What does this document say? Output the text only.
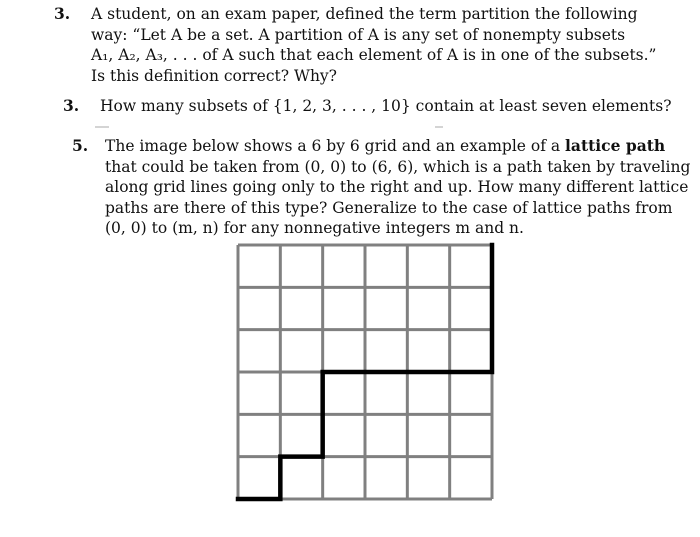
3. A student, on an exam paper, defined the term partition the following
way: “Let A be a set. A partition of A is any set of nonempty subsets
A₁, A₂, A₃, . . . of A such that each element of A is in one of the subsets.”
Is this definition correct? Why?
3. How many subsets of {1, 2, 3, . . . , 10} contain at least seven elements?
5. The image below shows a 6 by 6 grid and an example of a lattice path
that could be taken from (0, 0) to (6, 6), which is a path taken by traveling
along grid lines going only to the right and up. How many different lattice
paths are there of this type? Generalize to the case of lattice paths from
(0, 0) to (m, n) for any nonnegative integers m and n.
